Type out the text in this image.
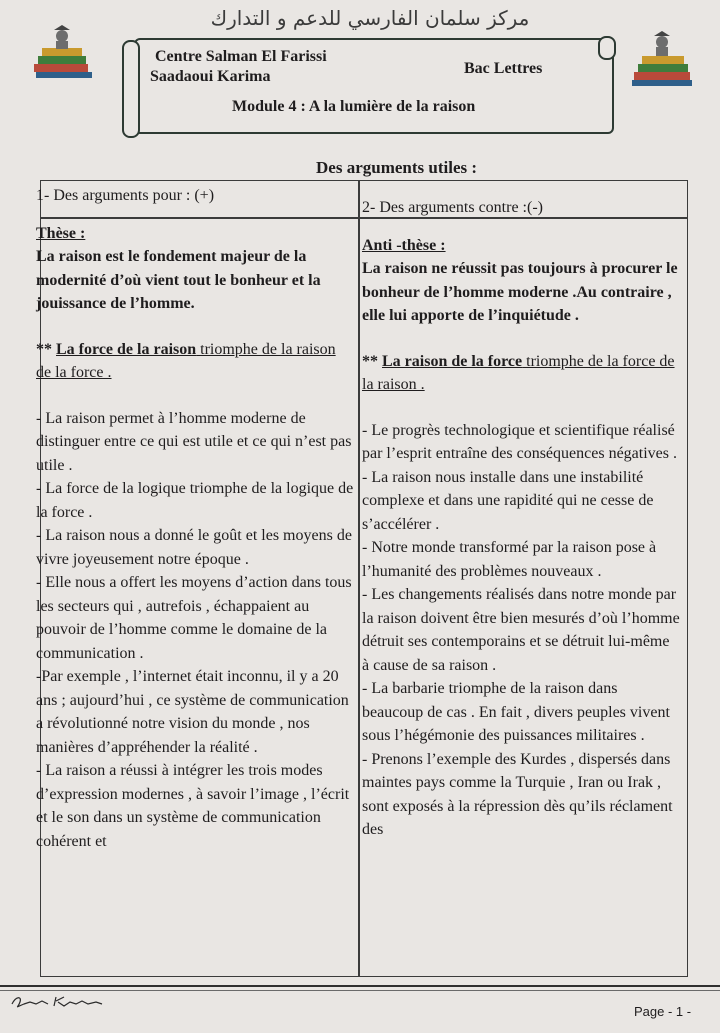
مركز سلمان الفارسي للدعم و التدارك
Centre Salman El Farissi
Saadaoui Karima	Bac Lettres
Module 4 : A la lumière de la raison
Des arguments utiles :
1- Des arguments pour : (+)
Thèse :
La raison est le fondement majeur de la modernité d’où vient tout le bonheur et la jouissance de l’homme.
** La force de la raison triomphe de la raison de la force .

- La raison permet à l’homme moderne de distinguer entre ce qui est utile et ce qui n’est pas utile .

- La force de la logique triomphe de la logique de la force .

- La raison nous a donné le goût et les moyens de vivre joyeusement notre époque .

- Elle nous a offert les moyens d’action dans tous les secteurs qui , autrefois , échappaient au pouvoir de l’homme comme le domaine de la communication .

-Par exemple , l’internet était inconnu, il y a 20 ans ; aujourd’hui , ce système de communication a révolutionné notre vision du monde , nos manières d’appréhender la réalité .

- La raison a réussi à intégrer les trois modes d’expression modernes , à savoir l’image , l’écrit et le son dans un système de communication cohérent et

2- Des arguments contre :(-)
Anti -thèse :
La raison ne réussit pas toujours à procurer le bonheur de l’homme moderne .Au contraire , elle lui apporte de l’inquiétude .
** La raison de la force triomphe de la force de la raison .

- Le progrès technologique et scientifique réalisé par l’esprit entraîne des conséquences négatives .

- La raison nous installe dans une instabilité complexe et dans une rapidité qui ne cesse de s’accélérer .

- Notre monde transformé par la raison pose à l’humanité des problèmes nouveaux .

- Les changements réalisés dans notre monde par la raison doivent être bien mesurés d’où l’homme détruit ses contemporains et se détruit lui-même à cause de sa raison .

- La barbarie triomphe de la raison dans beaucoup de cas . En fait , divers peuples vivent sous l’hégémonie des puissances militaires .

- Prenons l’exemple des Kurdes , dispersés dans maintes pays comme la Turquie , Iran ou Irak , sont exposés à la répression dès qu’ils réclament des

Page - 1 -
